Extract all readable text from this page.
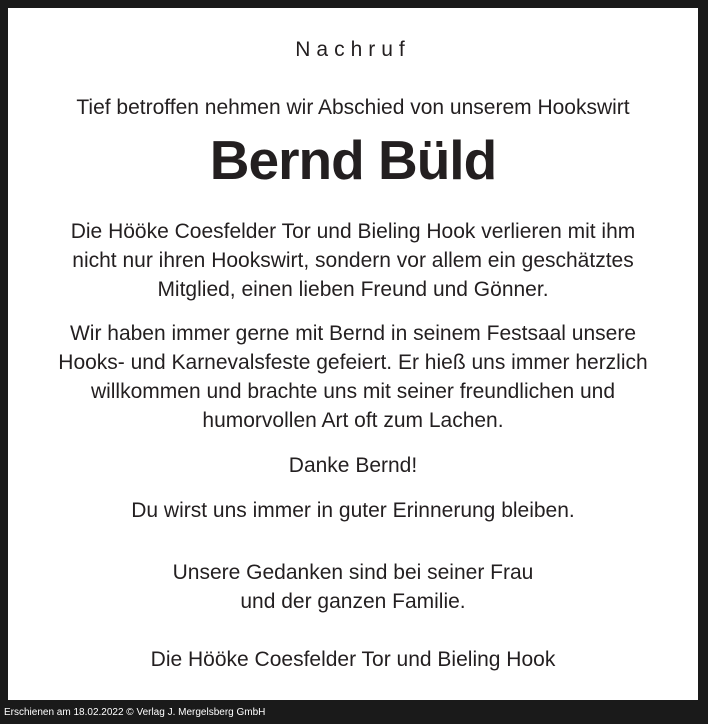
Nachruf
Tief betroffen nehmen wir Abschied von unserem Hookswirt
Bernd Büld
Die Hööke Coesfelder Tor und Bieling Hook verlieren mit ihm
nicht nur ihren Hookswirt, sondern vor allem ein geschätztes
Mitglied, einen lieben Freund und Gönner.
Wir haben immer gerne mit Bernd in seinem Festsaal unsere
Hooks- und Karnevalsfeste gefeiert. Er hieß uns immer herzlich
willkommen und brachte uns mit seiner freundlichen und
humorvollen Art oft zum Lachen.
Danke Bernd!
Du wirst uns immer in guter Erinnerung bleiben.
Unsere Gedanken sind bei seiner Frau
und der ganzen Familie.
Die Hööke Coesfelder Tor und Bieling Hook
Erschienen am 18.02.2022 © Verlag J. Mergelsberg GmbH
